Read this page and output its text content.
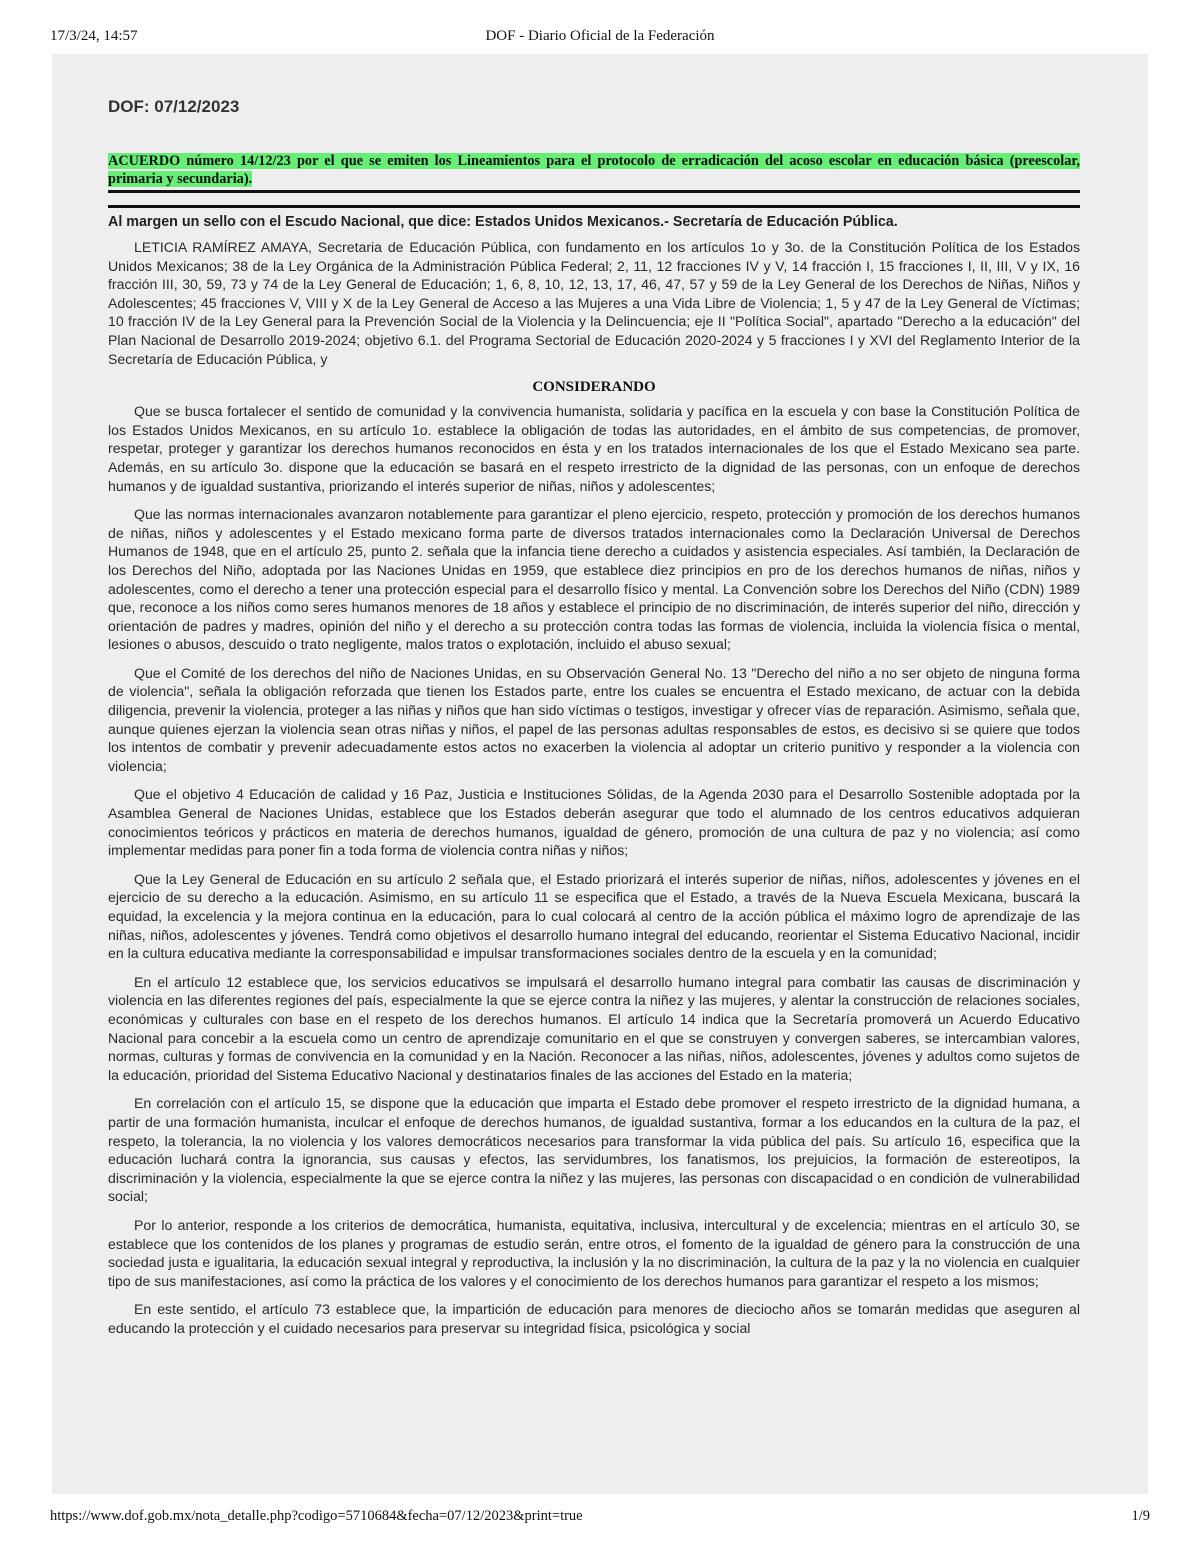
17/3/24, 14:57	DOF - Diario Oficial de la Federación
DOF: 07/12/2023
ACUERDO número 14/12/23 por el que se emiten los Lineamientos para el protocolo de erradicación del acoso escolar en educación básica (preescolar, primaria y secundaria).
Al margen un sello con el Escudo Nacional, que dice: Estados Unidos Mexicanos.- Secretaría de Educación Pública.

LETICIA RAMÍREZ AMAYA, Secretaria de Educación Pública, con fundamento en los artículos 1o y 3o. de la Constitución Política de los Estados Unidos Mexicanos; 38 de la Ley Orgánica de la Administración Pública Federal; 2, 11, 12 fracciones IV y V, 14 fracción I, 15 fracciones I, II, III, V y IX, 16 fracción III, 30, 59, 73 y 74 de la Ley General de Educación; 1, 6, 8, 10, 12, 13, 17, 46, 47, 57 y 59 de la Ley General de los Derechos de Niñas, Niños y Adolescentes; 45 fracciones V, VIII y X de la Ley General de Acceso a las Mujeres a una Vida Libre de Violencia; 1, 5 y 47 de la Ley General de Víctimas; 10 fracción IV de la Ley General para la Prevención Social de la Violencia y la Delincuencia; eje II "Política Social", apartado "Derecho a la educación" del Plan Nacional de Desarrollo 2019-2024; objetivo 6.1. del Programa Sectorial de Educación 2020-2024 y 5 fracciones I y XVI del Reglamento Interior de la Secretaría de Educación Pública, y

CONSIDERANDO

Que se busca fortalecer el sentido de comunidad y la convivencia humanista, solidaria y pacífica en la escuela y con base la Constitución Política de los Estados Unidos Mexicanos, en su artículo 1o. establece la obligación de todas las autoridades, en el ámbito de sus competencias, de promover, respetar, proteger y garantizar los derechos humanos reconocidos en ésta y en los tratados internacionales de los que el Estado Mexicano sea parte. Además, en su artículo 3o. dispone que la educación se basará en el respeto irrestricto de la dignidad de las personas, con un enfoque de derechos humanos y de igualdad sustantiva, priorizando el interés superior de niñas, niños y adolescentes;

Que las normas internacionales avanzaron notablemente para garantizar el pleno ejercicio, respeto, protección y promoción de los derechos humanos de niñas, niños y adolescentes y el Estado mexicano forma parte de diversos tratados internacionales como la Declaración Universal de Derechos Humanos de 1948, que en el artículo 25, punto 2. señala que la infancia tiene derecho a cuidados y asistencia especiales. Así también, la Declaración de los Derechos del Niño, adoptada por las Naciones Unidas en 1959, que establece diez principios en pro de los derechos humanos de niñas, niños y adolescentes, como el derecho a tener una protección especial para el desarrollo físico y mental. La Convención sobre los Derechos del Niño (CDN) 1989 que, reconoce a los niños como seres humanos menores de 18 años y establece el principio de no discriminación, de interés superior del niño, dirección y orientación de padres y madres, opinión del niño y el derecho a su protección contra todas las formas de violencia, incluida la violencia física o mental, lesiones o abusos, descuido o trato negligente, malos tratos o explotación, incluido el abuso sexual;

Que el Comité de los derechos del niño de Naciones Unidas, en su Observación General No. 13 "Derecho del niño a no ser objeto de ninguna forma de violencia", señala la obligación reforzada que tienen los Estados parte, entre los cuales se encuentra el Estado mexicano, de actuar con la debida diligencia, prevenir la violencia, proteger a las niñas y niños que han sido víctimas o testigos, investigar y ofrecer vías de reparación. Asimismo, señala que, aunque quienes ejerzan la violencia sean otras niñas y niños, el papel de las personas adultas responsables de estos, es decisivo si se quiere que todos los intentos de combatir y prevenir adecuadamente estos actos no exacerben la violencia al adoptar un criterio punitivo y responder a la violencia con violencia;

Que el objetivo 4 Educación de calidad y 16 Paz, Justicia e Instituciones Sólidas, de la Agenda 2030 para el Desarrollo Sostenible adoptada por la Asamblea General de Naciones Unidas, establece que los Estados deberán asegurar que todo el alumnado de los centros educativos adquieran conocimientos teóricos y prácticos en materia de derechos humanos, igualdad de género, promoción de una cultura de paz y no violencia; así como implementar medidas para poner fin a toda forma de violencia contra niñas y niños;

Que la Ley General de Educación en su artículo 2 señala que, el Estado priorizará el interés superior de niñas, niños, adolescentes y jóvenes en el ejercicio de su derecho a la educación. Asimismo, en su artículo 11 se especifica que el Estado, a través de la Nueva Escuela Mexicana, buscará la equidad, la excelencia y la mejora continua en la educación, para lo cual colocará al centro de la acción pública el máximo logro de aprendizaje de las niñas, niños, adolescentes y jóvenes. Tendrá como objetivos el desarrollo humano integral del educando, reorientar el Sistema Educativo Nacional, incidir en la cultura educativa mediante la corresponsabilidad e impulsar transformaciones sociales dentro de la escuela y en la comunidad;

En el artículo 12 establece que, los servicios educativos se impulsará el desarrollo humano integral para combatir las causas de discriminación y violencia en las diferentes regiones del país, especialmente la que se ejerce contra la niñez y las mujeres, y alentar la construcción de relaciones sociales, económicas y culturales con base en el respeto de los derechos humanos. El artículo 14 indica que la Secretaría promoverá un Acuerdo Educativo Nacional para concebir a la escuela como un centro de aprendizaje comunitario en el que se construyen y convergen saberes, se intercambian valores, normas, culturas y formas de convivencia en la comunidad y en la Nación. Reconocer a las niñas, niños, adolescentes, jóvenes y adultos como sujetos de la educación, prioridad del Sistema Educativo Nacional y destinatarios finales de las acciones del Estado en la materia;

En correlación con el artículo 15, se dispone que la educación que imparta el Estado debe promover el respeto irrestricto de la dignidad humana, a partir de una formación humanista, inculcar el enfoque de derechos humanos, de igualdad sustantiva, formar a los educandos en la cultura de la paz, el respeto, la tolerancia, la no violencia y los valores democráticos necesarios para transformar la vida pública del país. Su artículo 16, especifica que la educación luchará contra la ignorancia, sus causas y efectos, las servidumbres, los fanatismos, los prejuicios, la formación de estereotipos, la discriminación y la violencia, especialmente la que se ejerce contra la niñez y las mujeres, las personas con discapacidad o en condición de vulnerabilidad social;

Por lo anterior, responde a los criterios de democrática, humanista, equitativa, inclusiva, intercultural y de excelencia; mientras en el artículo 30, se establece que los contenidos de los planes y programas de estudio serán, entre otros, el fomento de la igualdad de género para la construcción de una sociedad justa e igualitaria, la educación sexual integral y reproductiva, la inclusión y la no discriminación, la cultura de la paz y la no violencia en cualquier tipo de sus manifestaciones, así como la práctica de los valores y el conocimiento de los derechos humanos para garantizar el respeto a los mismos;

En este sentido, el artículo 73 establece que, la impartición de educación para menores de dieciocho años se tomarán medidas que aseguren al educando la protección y el cuidado necesarios para preservar su integridad física, psicológica y social

https://www.dof.gob.mx/nota_detalle.php?codigo=5710684&fecha=07/12/2023&print=true	1/9
